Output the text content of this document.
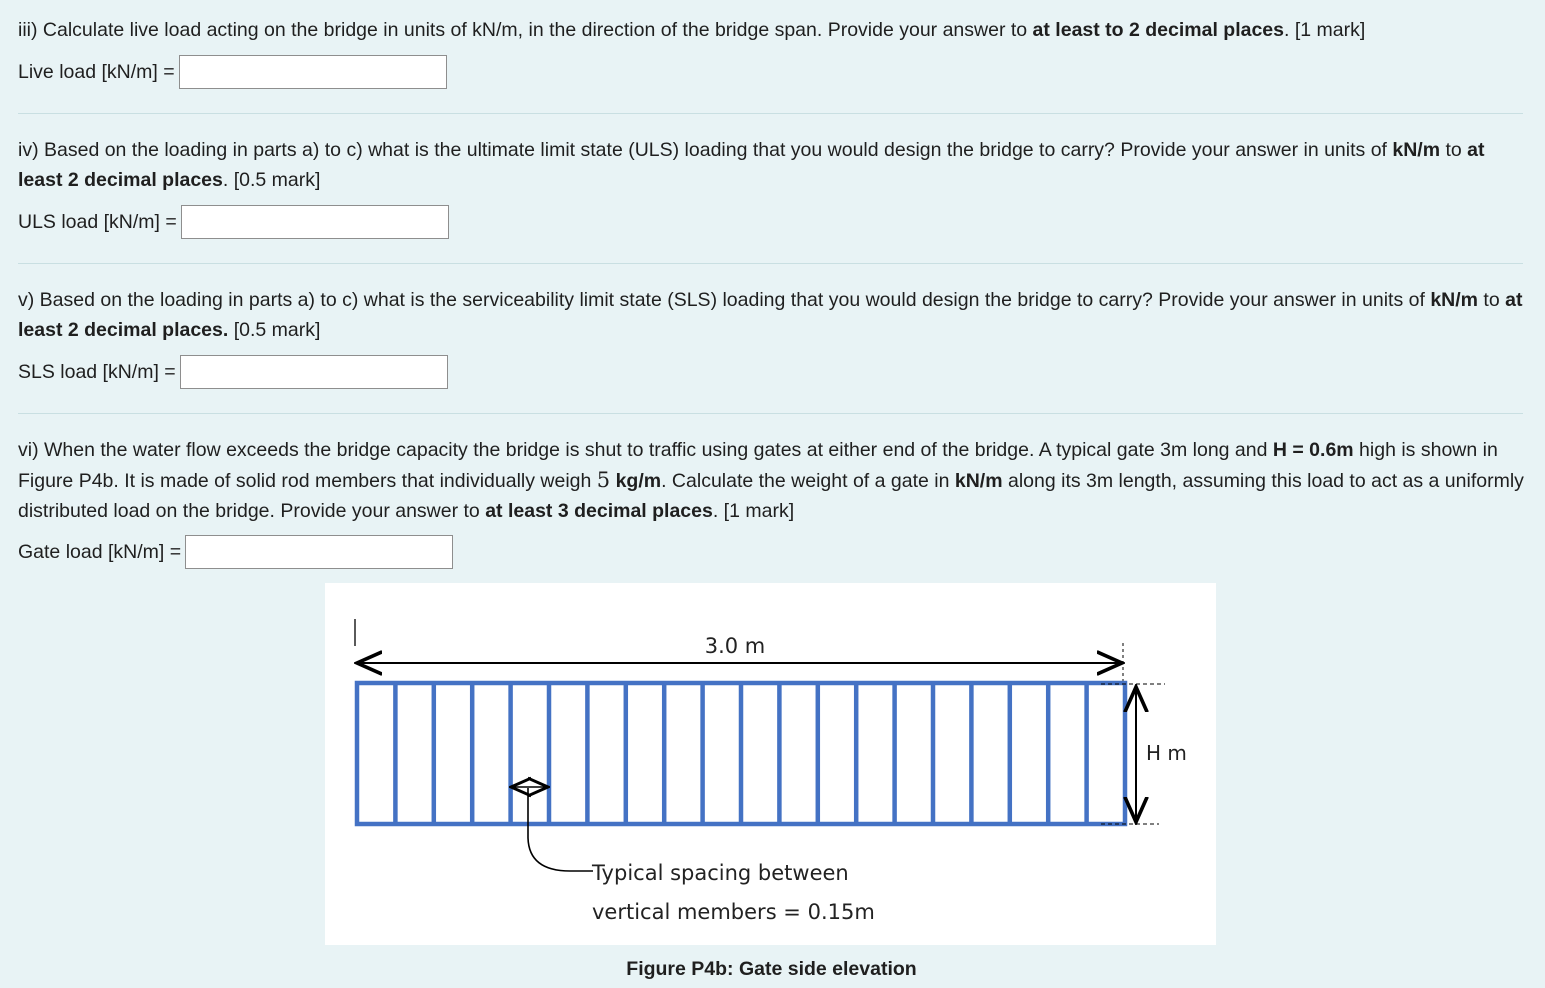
iii) Calculate live load acting on the bridge in units of kN/m, in the direction of the bridge span. Provide your answer to at least to 2 decimal places. [1 mark]
Live load [kN/m] =
iv) Based on the loading in parts a) to c) what is the ultimate limit state (ULS) loading that you would design the bridge to carry? Provide your answer in units of kN/m to at least 2 decimal places. [0.5 mark]
ULS load [kN/m] =
v) Based on the loading in parts a) to c) what is the serviceability limit state (SLS) loading that you would design the bridge to carry? Provide your answer in units of kN/m to at least 2 decimal places. [0.5 mark]
SLS load [kN/m] =
vi) When the water flow exceeds the bridge capacity the bridge is shut to traffic using gates at either end of the bridge. A typical gate 3m long and H = 0.6m high is shown in Figure P4b. It is made of solid rod members that individually weigh 5 kg/m. Calculate the weight of a gate in kN/m along its 3m length, assuming this load to act as a uniformly distributed load on the bridge. Provide your answer to at least 3 decimal places. [1 mark]
Gate load [kN/m] =
3.0 m
H m
Typical spacing between
vertical members = 0.15m
Figure P4b: Gate side elevation
